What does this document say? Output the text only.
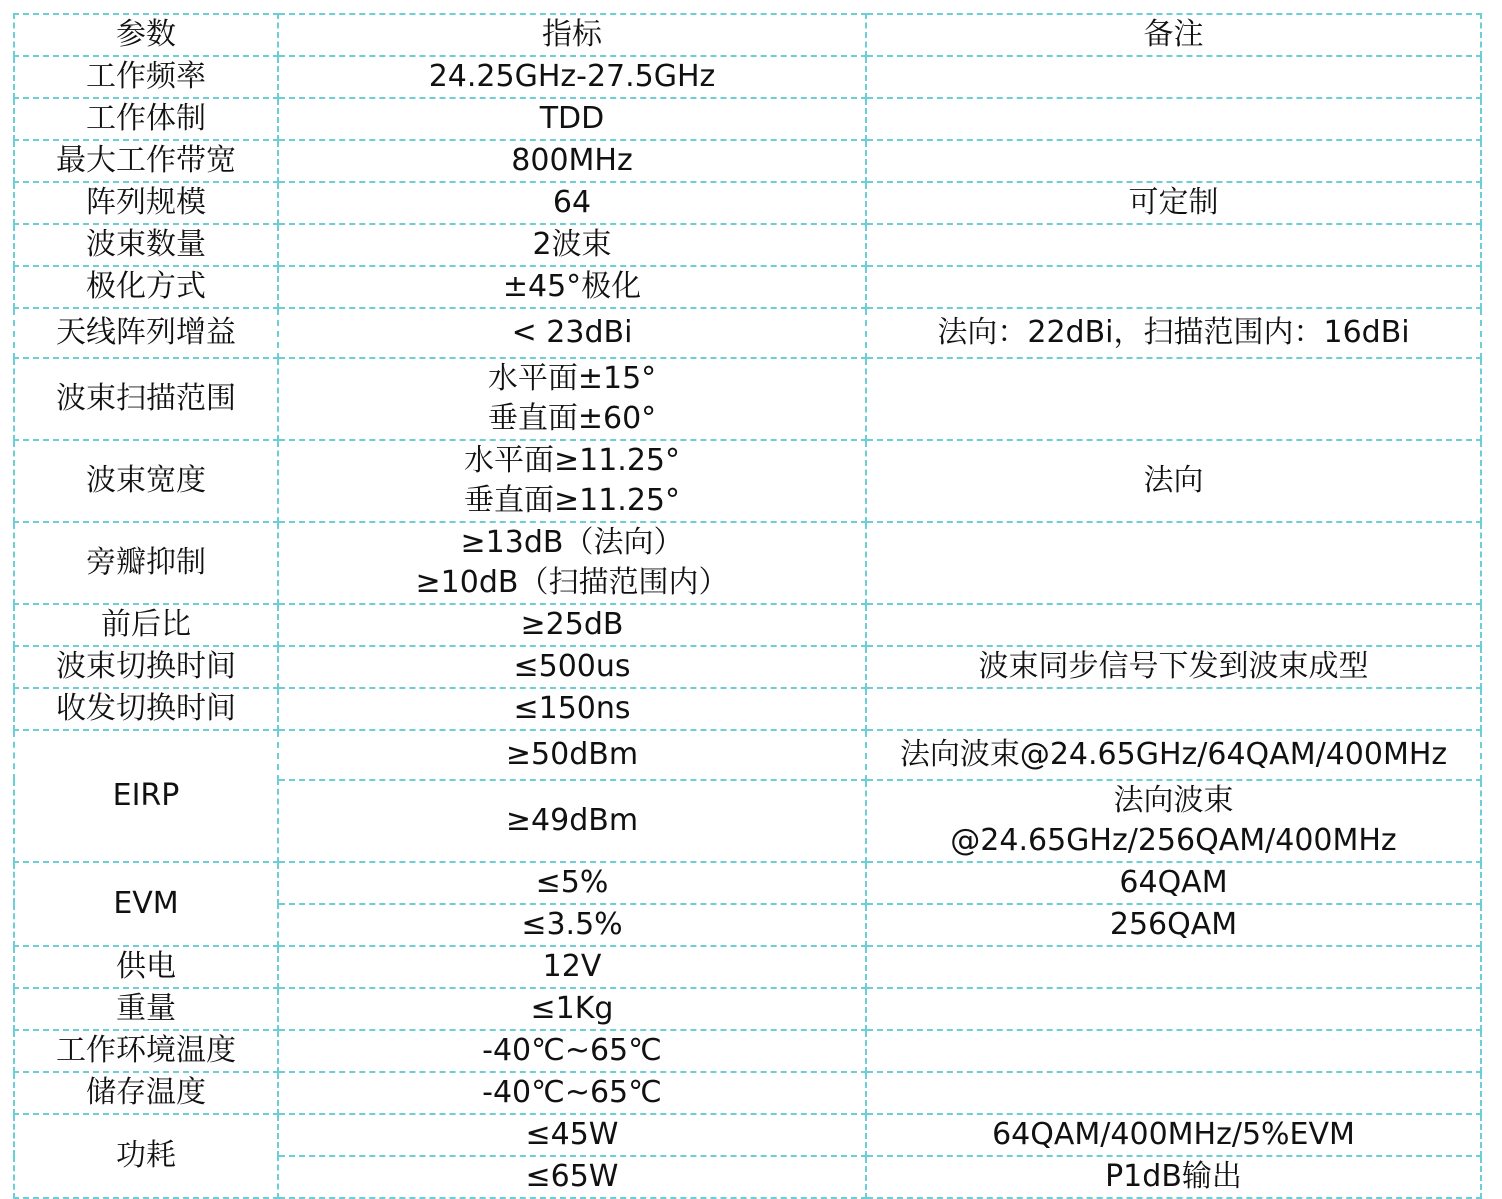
参数	指标	备注
工作频率	24.25GHz-27.5GHz	

工作体制	TDD	

最大工作带宽	800MHz	

阵列规模	64	可定制

波束数量	2波束	

极化方式	±45°极化	

天线阵列增益	< 23dBi	法向：22dBi，扫描范围内：16dBi

波束扫描范围	水平面±15°
垂直面±60°	

波束宽度	水平面≥11.25°
垂直面≥11.25°	法向

旁瓣抑制	≥13dB（法向）
≥10dB（扫描范围内）	

前后比	≥25dB	

波束切换时间	≤500us	波束同步信号下发到波束成型

收发切换时间	≤150ns	

EIRP	≥50dBm	法向波束@24.65GHz/64QAM/400MHz

	≥49dBm	法向波束
@24.65GHz/256QAM/400MHz

EVM	≤5%	64QAM

	≤3.5%	256QAM

供电	12V	

重量	≤1Kg	

工作环境温度	-40℃~65℃	

储存温度	-40℃~65℃	

功耗	≤45W	64QAM/400MHz/5%EVM

	≤65W	P1dB输出
